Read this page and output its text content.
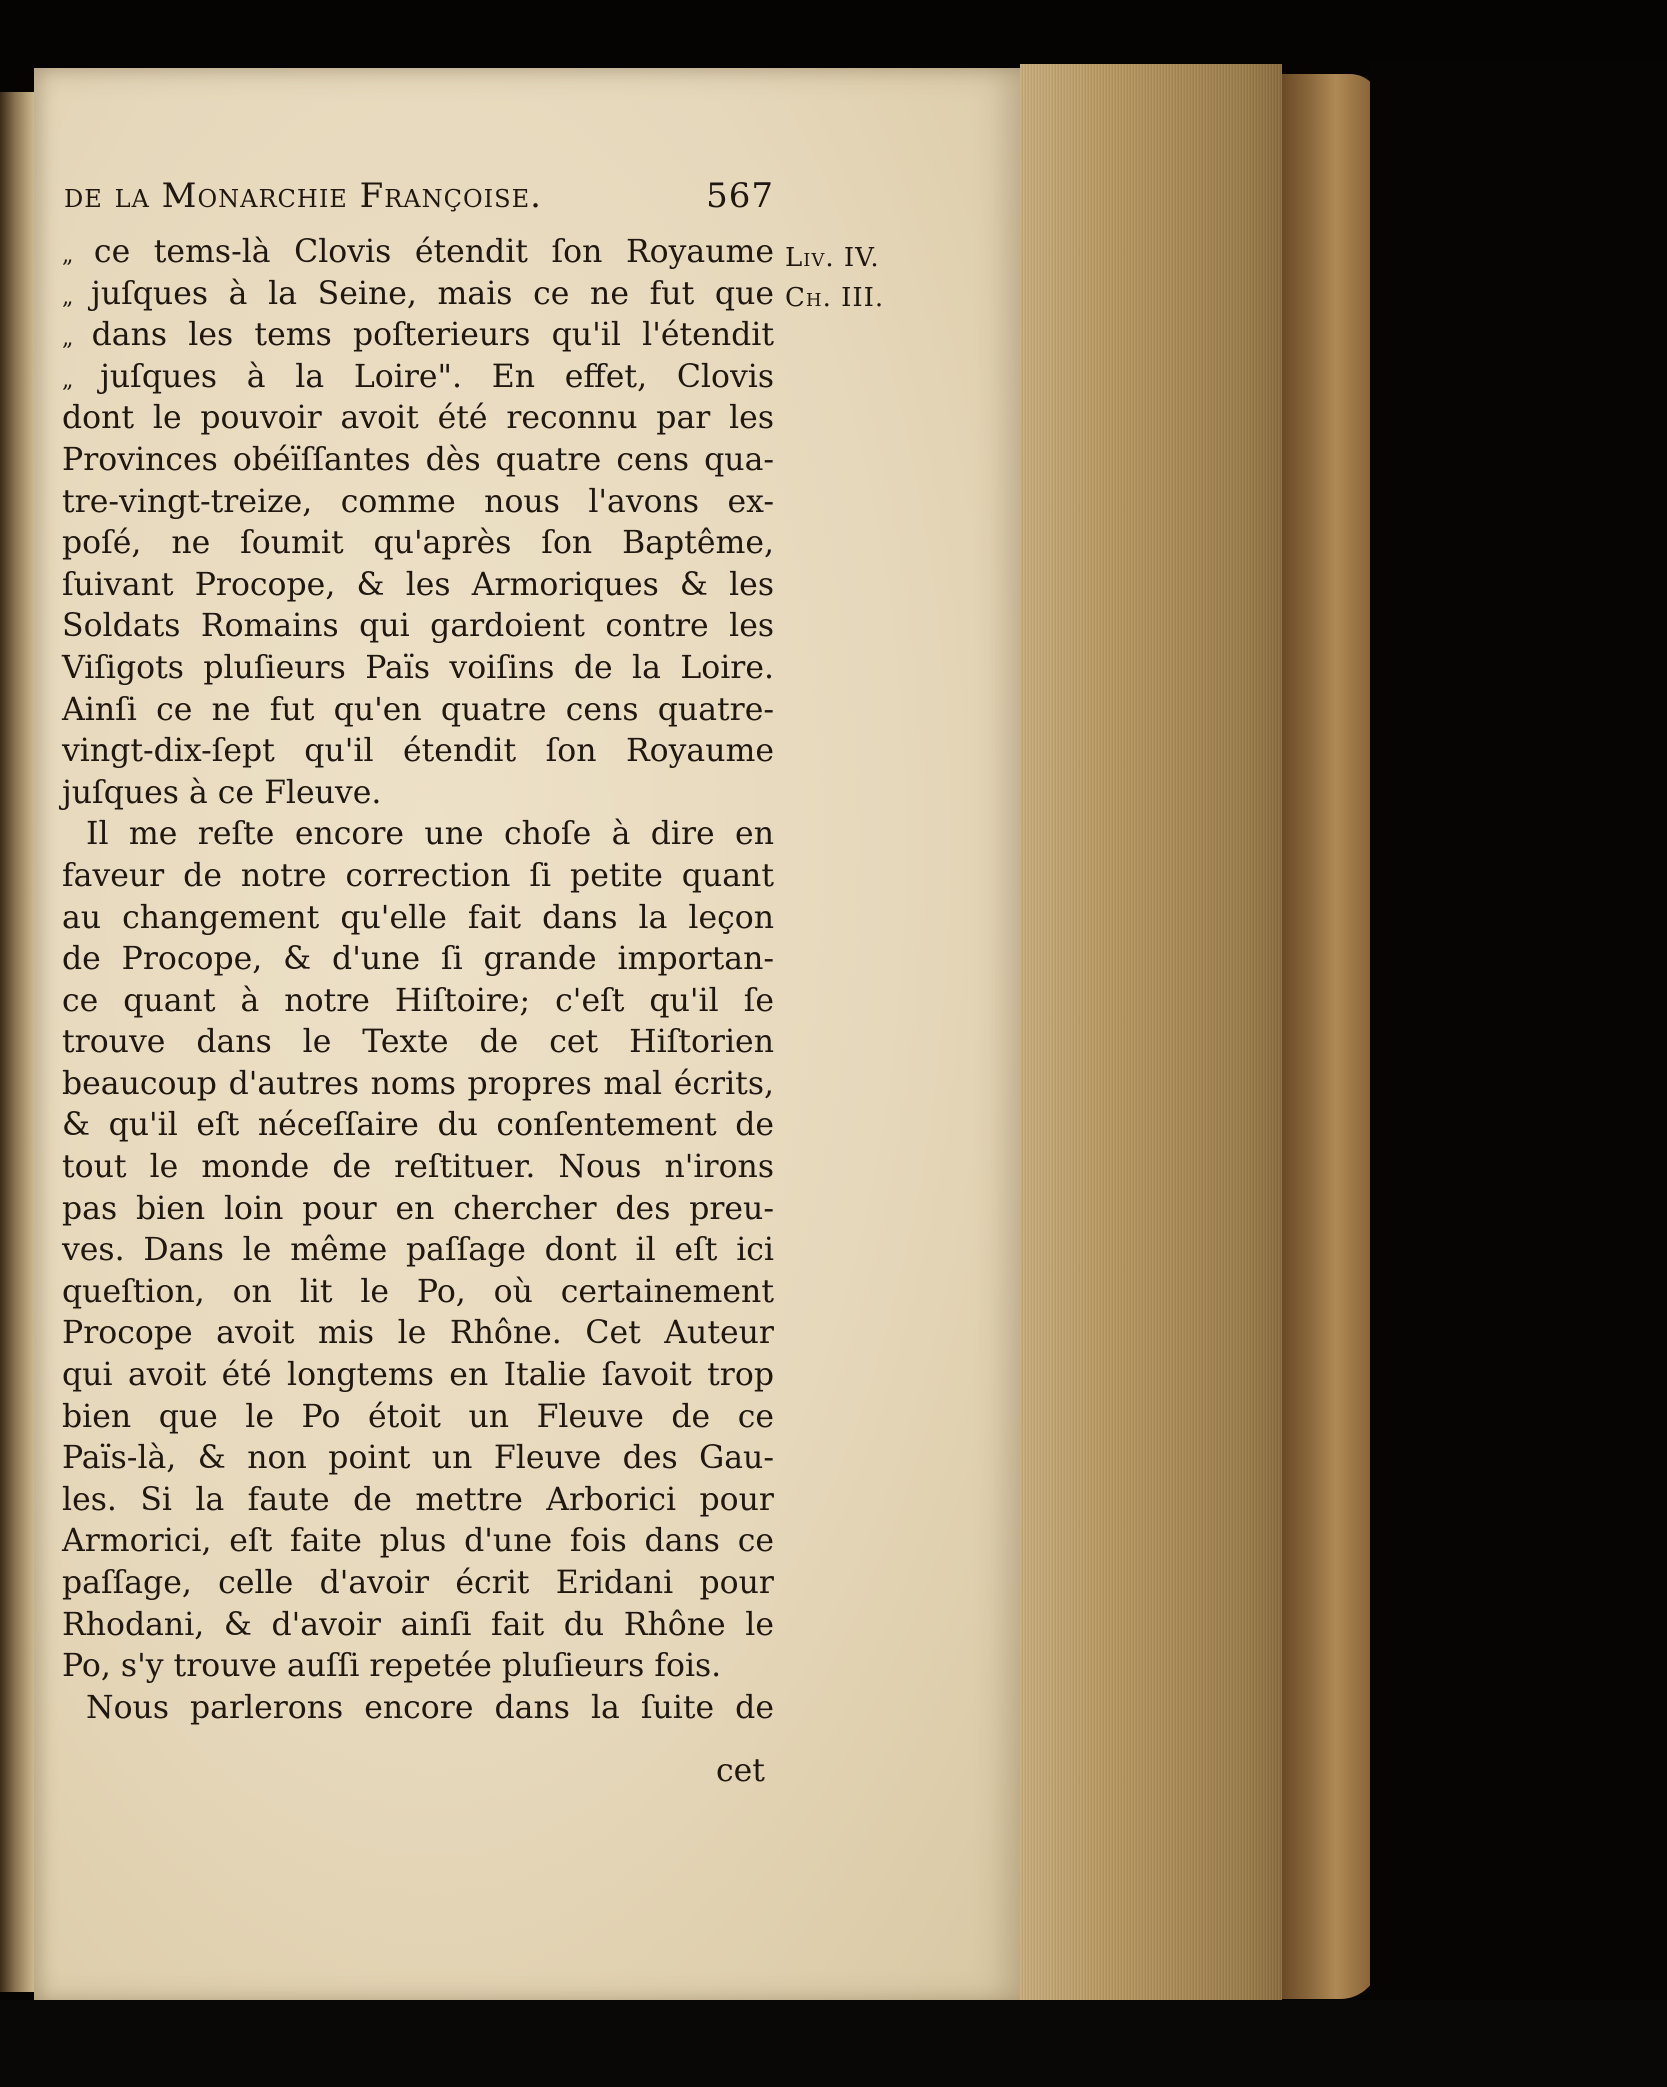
de la Monarchie Françoise.	567
Liv. IV.
Ch. III.
„ ce tems-là Clovis étendit ſon Royaume
„ juſques à la Seine, mais ce ne fut que
„ dans les tems poſterieurs qu'il l'étendit
„ juſques à la Loire". En effet, Clovis
dont le pouvoir avoit été reconnu par les
Provinces obéïſſantes dès quatre cens qua-
tre-vingt-treize, comme nous l'avons ex-
poſé, ne ſoumit qu'après ſon Baptême,
ſuivant Procope, & les Armoriques & les
Soldats Romains qui gardoient contre les
Viſigots pluſieurs Païs voiſins de la Loire.
Ainſi ce ne fut qu'en quatre cens quatre-
vingt-dix-ſept qu'il étendit ſon Royaume
juſques à ce Fleuve.
Il me reſte encore une choſe à dire en
faveur de notre correction ſi petite quant
au changement qu'elle fait dans la leçon
de Procope, & d'une ſi grande importan-
ce quant à notre Hiſtoire; c'eſt qu'il ſe
trouve dans le Texte de cet Hiſtorien
beaucoup d'autres noms propres mal écrits,
& qu'il eſt néceſſaire du conſentement de
tout le monde de reſtituer. Nous n'irons
pas bien loin pour en chercher des preu-
ves. Dans le même paſſage dont il eſt ici
queſtion, on lit le Po, où certainement
Procope avoit mis le Rhône. Cet Auteur
qui avoit été longtems en Italie ſavoit trop
bien que le Po étoit un Fleuve de ce
Païs-là, & non point un Fleuve des Gau-
les. Si la faute de mettre Arborici pour
Armorici, eſt faite plus d'une fois dans ce
paſſage, celle d'avoir écrit Eridani pour
Rhodani, & d'avoir ainſi fait du Rhône le
Po, s'y trouve auſſi repetée pluſieurs fois.
Nous parlerons encore dans la ſuite de
cet
